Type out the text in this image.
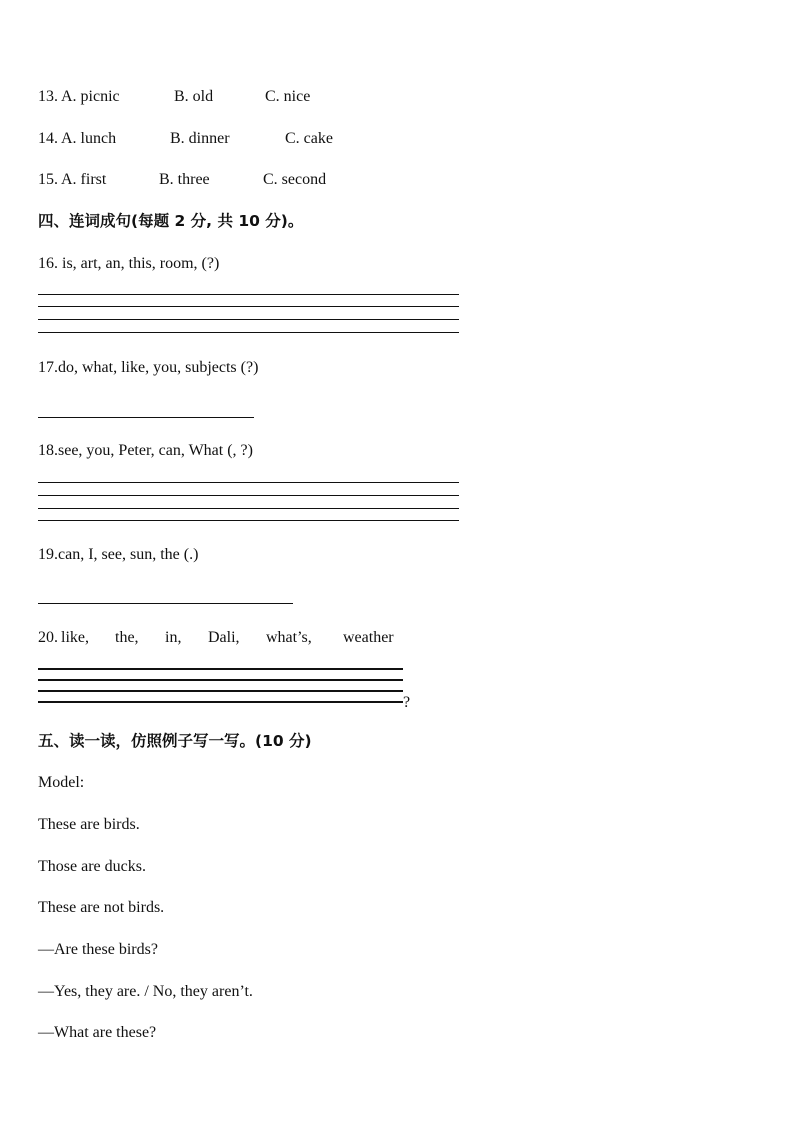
13. A. picnic	B. old	C. nice
14. A. lunch	B. dinner	C. cake
15. A. first	B. three	C. second
四、连词成句(每题 2 分, 共 10 分)。
16. is, art, an, this, room, (?)
17.do, what, like, you, subjects (?)
18.see, you, Peter, can, What (, ?)
19.can, I, see, sun, the (.)
20. like, the, in, Dali, what’s, weather
?
五、读一读，仿照例子写一写。(10 分)
Model:
These are birds.
Those are ducks.
These are not birds.
—Are these birds?
—Yes, they are. / No, they aren’t.
—What are these?
